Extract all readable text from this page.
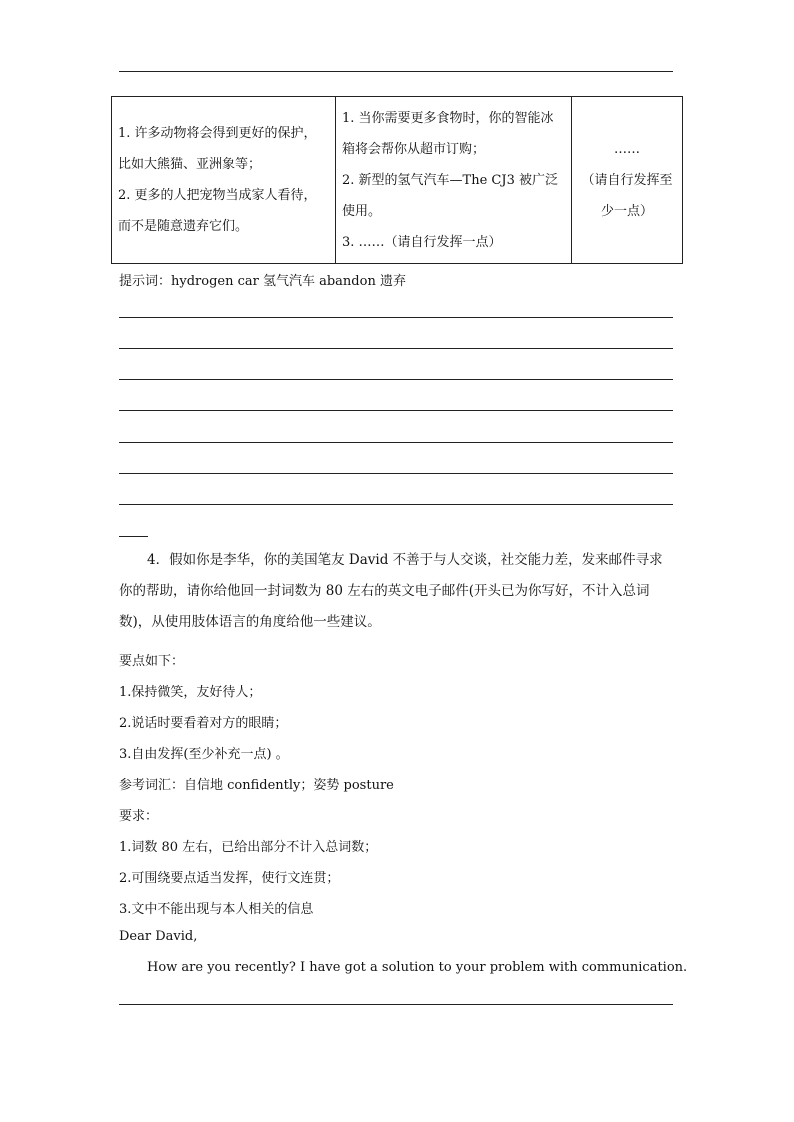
1. 许多动物将会得到更好的保护，比如大熊猫、亚洲象等；
2. 更多的人把宠物当成家人看待，而不是随意遗弃它们。

1. 当你需要更多食物时，你的智能冰箱将会帮你从超市订购；
2. 新型的氢气汽车—The CJ3 被广泛使用。
3. ……（请自行发挥一点）

……
（请自行发挥至少一点）
提示词：hydrogen car 氢气汽车 abandon 遗弃
4．假如你是李华，你的美国笔友 David 不善于与人交谈，社交能力差，发来邮件寻求你的帮助，请你给他回一封词数为 80 左右的英文电子邮件(开头已为你写好，不计入总词数)，从使用肢体语言的角度给他一些建议。
要点如下：
1.保持微笑，友好待人；
2.说话时要看着对方的眼睛；
3.自由发挥(至少补充一点) 。
参考词汇：自信地 confidently；姿势 posture
要求：
1.词数 80 左右，已给出部分不计入总词数；
2.可围绕要点适当发挥，使行文连贯；
3.文中不能出现与本人相关的信息
Dear David,
How are you recently? I have got a solution to your problem with communication.
